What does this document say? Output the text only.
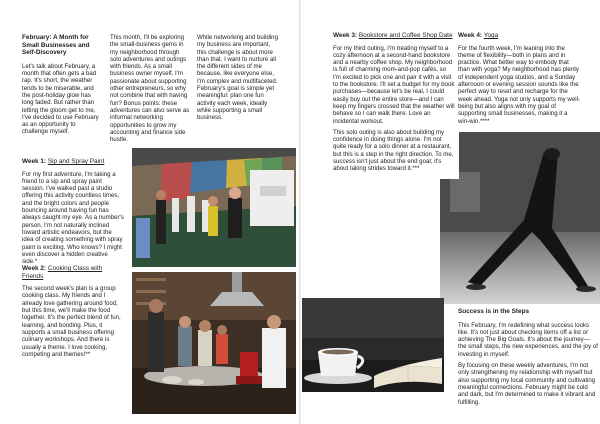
February: A Month for Small Businesses and Self-Discovery

Let's talk about February, a month that often gets a bad rap. It's short, the weather tends to be miserable, and the post-holiday glow has long faded. But rather than letting the gloom get to me, I've decided to use February as an opportunity to challenge myself.

This month, I'll be exploring the small-business gems in my neighborhood through solo adventures and outings with friends. As a small business owner myself, I'm passionate about supporting other entrepreneurs, so why not combine that with having fun? Bonus points: these adventures can also serve as informal networking opportunities to grow my accounting and finance side hustle.

While networking and building my business are important, this challenge is about more than that. I want to nurture all the different sides of me because, like everyone else, I'm complex and multifaceted. February's goal is simple yet meaningful: plan one fun activity each week, ideally while supporting a small business.

Week 1: Sip and Spray Paint

For my first adventure, I'm taking a friend to a sip and spray paint session. I've walked past a studio offering this activity countless times, and the bright colors and people bouncing around having fun has always caught my eye. As a number's person, I'm not naturally inclined toward artistic endeavors, but the idea of creating something with spray paint is exciting. Who knows? I might even discover a hidden creative side.*

Week 2: Cooking Class with Friends

The second week's plan is a group cooking class. My friends and I already love gathering around food, but this time, we'll make the food together. It's the perfect blend of fun, learning, and bonding. Plus, it supports a small business offering culinary workshops. And there is usually a theme. I love cooking, competing and themes!**

Week 3: Bookstore and Coffee Shop Date

For my third outing, I'm treating myself to a cozy afternoon at a second-hand bookstore and a nearby coffee shop. My neighborhood is full of charming mom-and-pop cafés, so I'm excited to pick one and pair it with a visit to the bookstore. I'll set a budget for my book purchases—because let's be real, I could easily buy out the entire store—and I can keep my fingers crossed that the weather will behave so I can walk there. Love an incidental workout.

This solo outing is also about building my confidence in doing things alone. I'm not quite ready for a solo dinner at a restaurant, but this is a step in the right direction. To me, success isn't just about the end goal; it's about taking strides toward it.***

Week 4: Yoga

For the fourth week, I'm leaning into the theme of flexibility—both in plans and in practice. What better way to embody that than with yoga? My neighborhood has plenty of independent yoga studios, and a Sunday afternoon or evening session sounds like the perfect way to reset and recharge for the week ahead. Yoga not only supports my well-being but also aligns with my goal of supporting small businesses, making it a win-win.****

Success is in the Steps

This February, I'm redefining what success looks like. It's not just about checking items off a list or achieving The Big Goals. It's about the journey—the small steps, the new experiences, and the joy of investing in myself.

By focusing on these weekly adventures, I'm not only strengthening my relationship with myself but also supporting my local community and cultivating meaningful connections. February might be cold and dark, but I'm determined to make it vibrant and fulfilling.
